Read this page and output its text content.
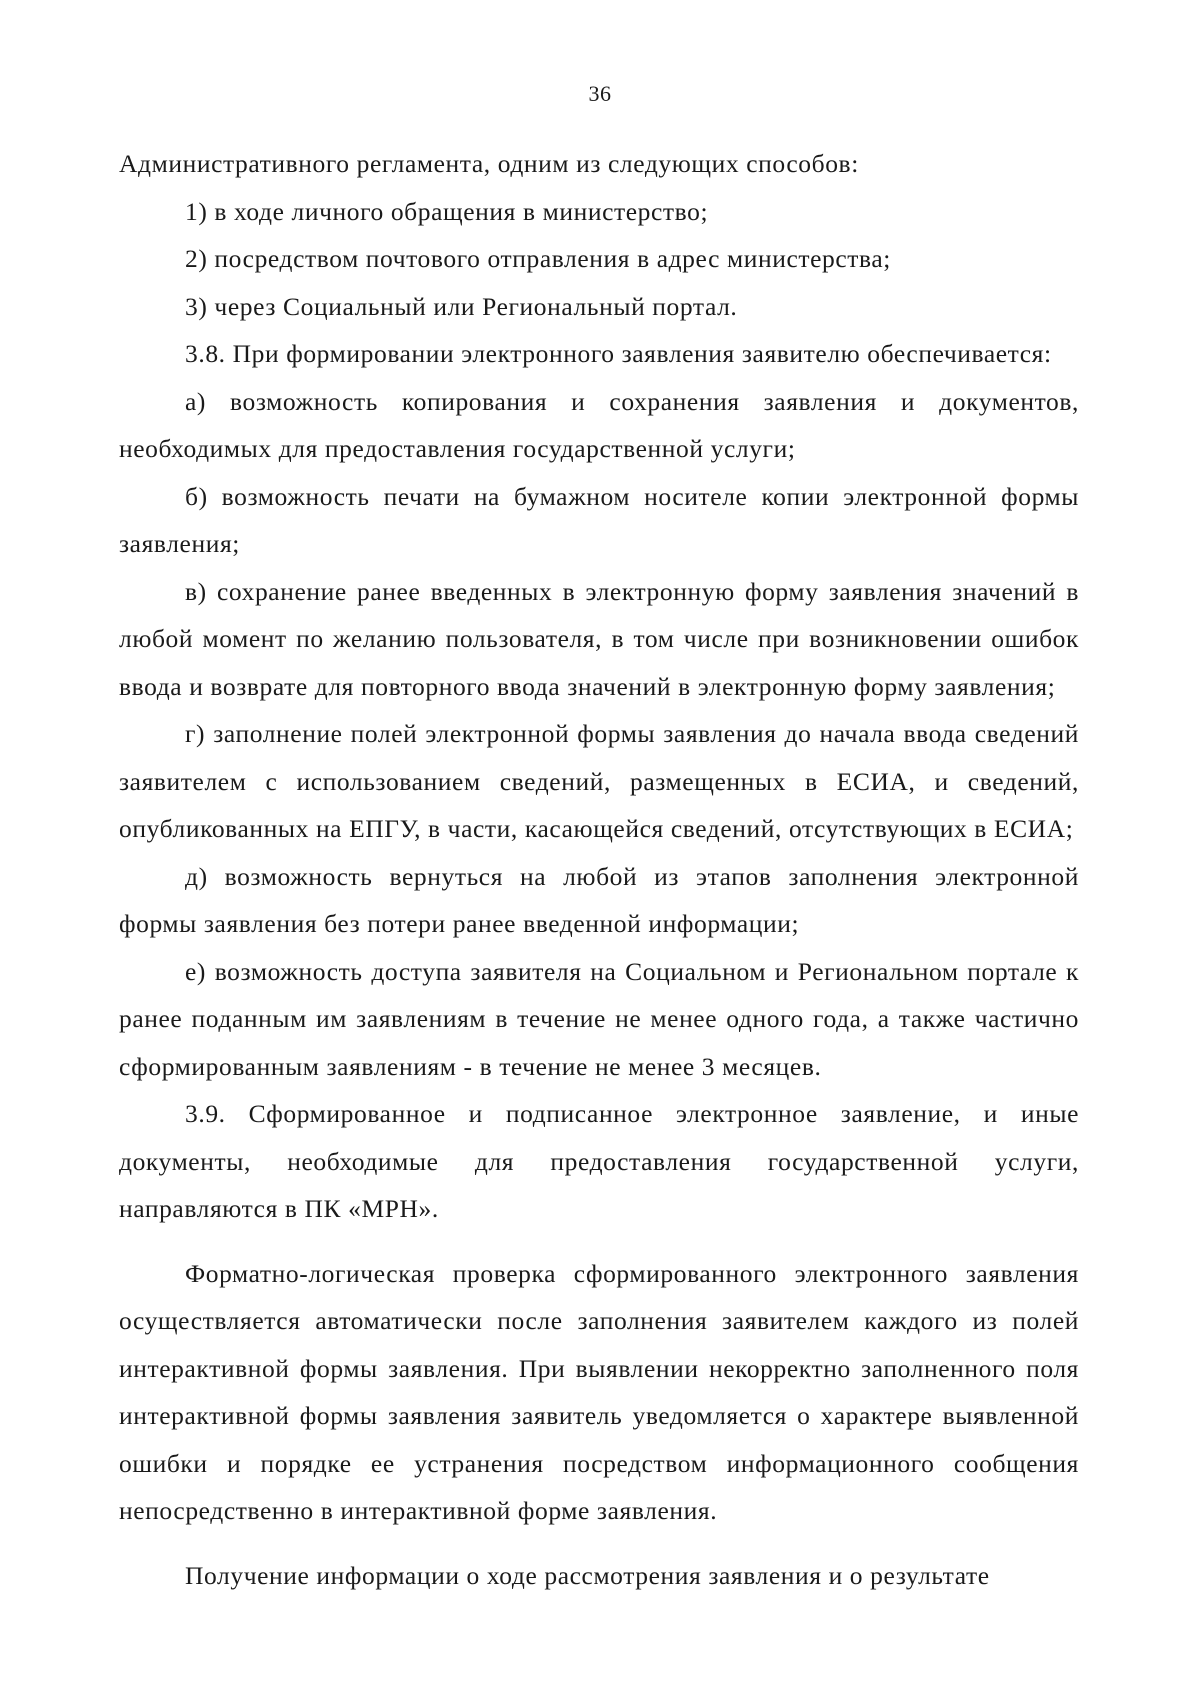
36

Административного регламента, одним из следующих способов:

1) в ходе личного обращения в министерство;

2) посредством почтового отправления в адрес министерства;

3) через Социальный или Региональный портал.

3.8. При формировании электронного заявления заявителю обеспечивается:

а) возможность копирования и сохранения заявления и документов, необходимых для предоставления государственной услуги;

б) возможность печати на бумажном носителе копии электронной формы заявления;

в) сохранение ранее введенных в электронную форму заявления значений в любой момент по желанию пользователя, в том числе при возникновении ошибок ввода и возврате для повторного ввода значений в электронную форму заявления;

г) заполнение полей электронной формы заявления до начала ввода сведений заявителем с использованием сведений, размещенных в ЕСИА, и сведений, опубликованных на ЕПГУ, в части, касающейся сведений, отсутствующих в ЕСИА;

д) возможность вернуться на любой из этапов заполнения электронной формы заявления без потери ранее введенной информации;

е) возможность доступа заявителя на Социальном и Региональном портале к ранее поданным им заявлениям в течение не менее одного года, а также частично сформированным заявлениям - в течение не менее 3 месяцев.

3.9. Сформированное и подписанное электронное заявление, и иные документы, необходимые для предоставления государственной услуги, направляются в ПК «МРН».

Форматно-логическая проверка сформированного электронного заявления осуществляется автоматически после заполнения заявителем каждого из полей интерактивной формы заявления. При выявлении некорректно заполненного поля интерактивной формы заявления заявитель уведомляется о характере выявленной ошибки и порядке ее устранения посредством информационного сообщения непосредственно в интерактивной форме заявления.

Получение информации о ходе рассмотрения заявления и о результате
